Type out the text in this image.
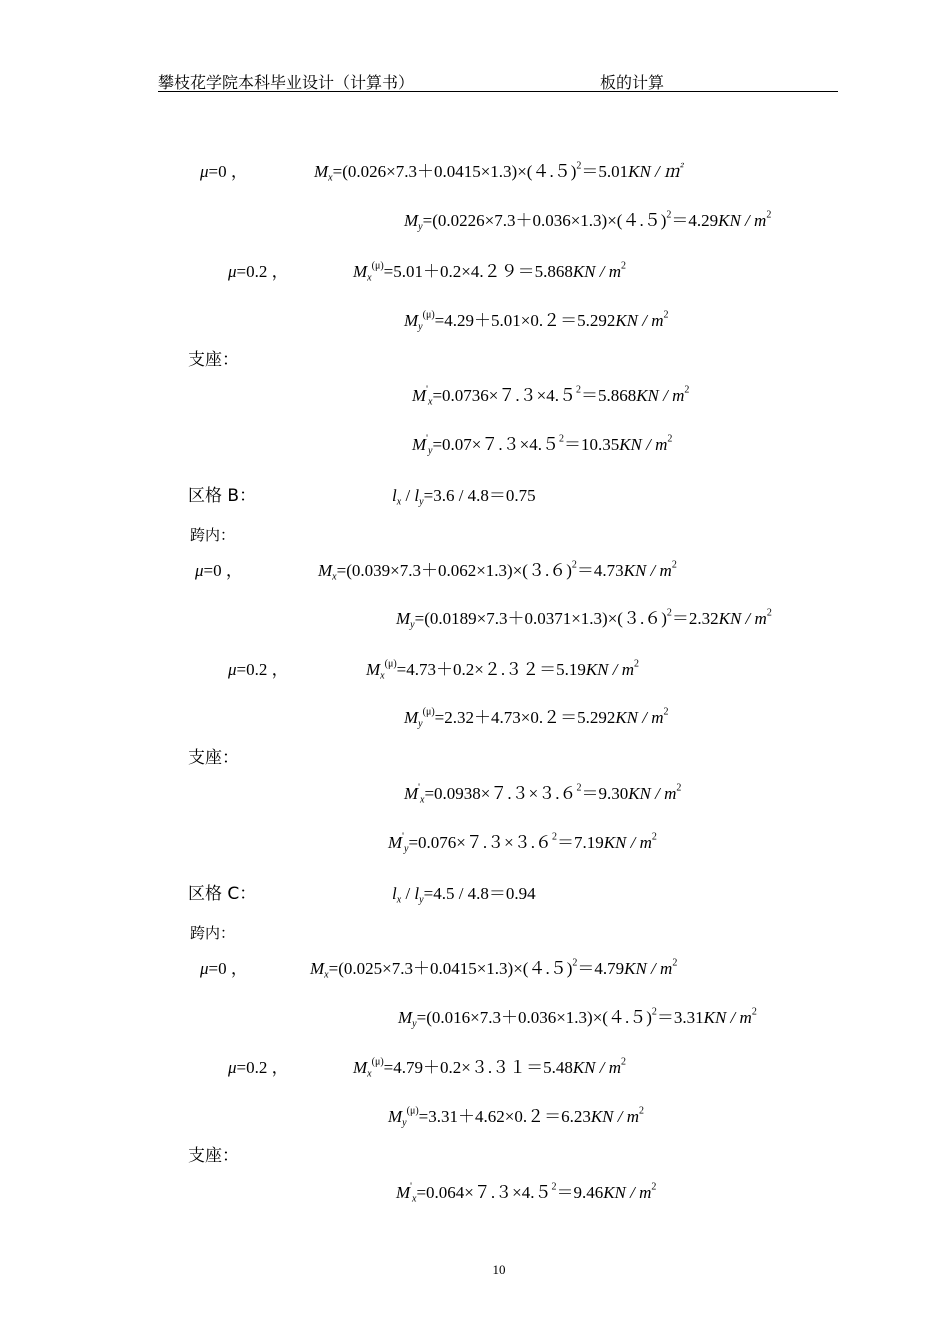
攀枝花学院本科毕业设计（计算书）	板的计算
μ=0 ，	$M_x=(0.026\times 7.3+0.0415\times 1.3)\times(4.5)^2=5.01KN$ / ㎡
$M_y=(0.0226\times 7.3+0.036\times 1.3)\times(4.5)^2=4.29KN / m^2$
μ=0.2 ，	$M_x^{(\mu)}=5.01+0.2\times 4.29=5.868KN / m^2$
$M_y^{(\mu)}=4.29+5.01\times 0.2=5.292KN / m^2$
支座：
$M'_x=0.0736\times 7.3\times 4.5^2=5.868KN / m^2$
$M'_y=0.07\times 7.3\times 4.5^2=10.35KN / m^2$
区格 B：	$l_x / l_y=3.6 / 4.8=0.75$
跨内：
μ=0 ，	$M_x=(0.039\times 7.3+0.062\times 1.3)\times(3.6)^2=4.73KN / m^2$
$M_y=(0.0189\times 7.3+0.0371\times 1.3)\times(3.6)^2=2.32KN / m^2$
μ=0.2 ，	$M_x^{(\mu)}=4.73+0.2\times 2.32=5.19KN / m^2$
$M_y^{(\mu)}=2.32+4.73\times 0.2=5.292KN / m^2$
支座：
$M'_x=0.0938\times 7.3\times 3.6^2=9.30KN / m^2$
$M'_y=0.076\times 7.3\times 3.6^2=7.19KN / m^2$
区格 C：	$l_x / l_y=4.5 / 4.8=0.94$
跨内：
μ=0 ，	$M_x=(0.025\times 7.3+0.0415\times 1.3)\times(4.5)^2=4.79KN / m^2$
$M_y=(0.016\times 7.3+0.036\times 1.3)\times(4.5)^2=3.31KN / m^2$
μ=0.2 ，	$M_x^{(\mu)}=4.79+0.2\times 3.31=5.48KN / m^2$
$M_y^{(\mu)}=3.31+4.62\times 0.2=6.23KN / m^2$
支座：
$M'_x=0.064\times 7.3\times 4.5^2=9.46KN / m^2$
10
